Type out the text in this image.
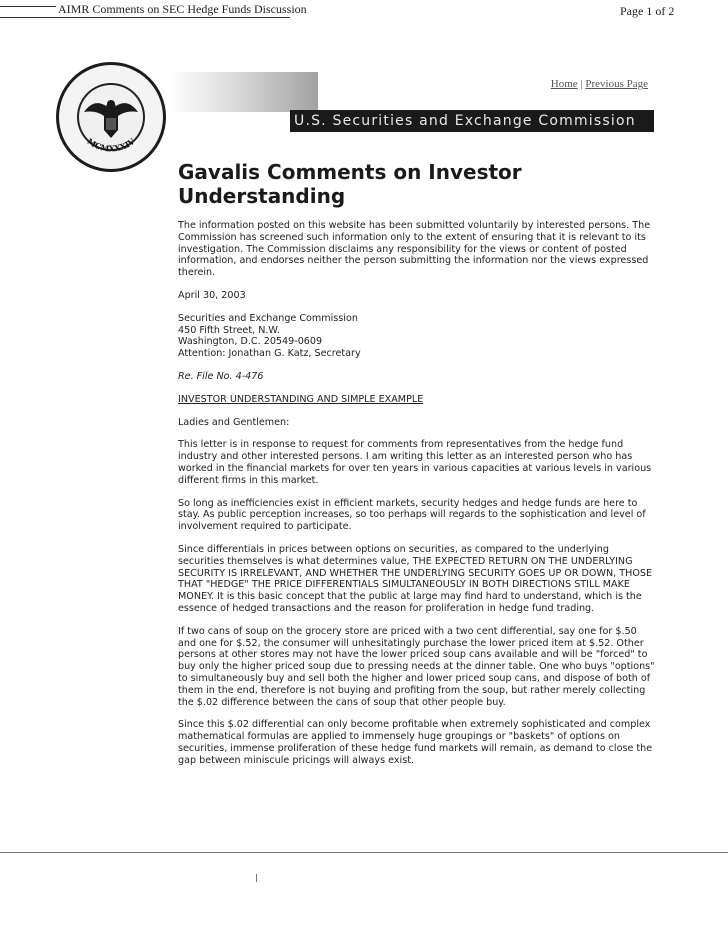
AIMR Comments on SEC Hedge Funds Discussion	Page 1 of 2
MCMXXXIV
U.S. Securities and Exchange Commission
Home | Previous Page
Gavalis Comments on Investor Understanding

The information posted on this website has been submitted voluntarily by interested persons. The Commission has screened such information only to the extent of ensuring that it is relevant to its investigation. The Commission disclaims any responsibility for the views or content of posted information, and endorses neither the person submitting the information nor the views expressed therein.

April 30, 2003

Securities and Exchange Commission
450 Fifth Street, N.W.
Washington, D.C. 20549-0609
Attention: Jonathan G. Katz, Secretary

Re. File No. 4-476

INVESTOR UNDERSTANDING AND SIMPLE EXAMPLE

Ladies and Gentlemen:

This letter is in response to request for comments from representatives from the hedge fund industry and other interested persons. I am writing this letter as an interested person who has worked in the financial markets for over ten years in various capacities at various levels in various different firms in this market.

So long as inefficiencies exist in efficient markets, security hedges and hedge funds are here to stay. As public perception increases, so too perhaps will regards to the sophistication and level of involvement required to participate.

Since differentials in prices between options on securities, as compared to the underlying securities themselves is what determines value, THE EXPECTED RETURN ON THE UNDERLYING SECURITY IS IRRELEVANT, AND WHETHER THE UNDERLYING SECURITY GOES UP OR DOWN, THOSE THAT "HEDGE" THE PRICE DIFFERENTIALS SIMULTANEOUSLY IN BOTH DIRECTIONS STILL MAKE MONEY. It is this basic concept that the public at large may find hard to understand, which is the essence of hedged transactions and the reason for proliferation in hedge fund trading.

If two cans of soup on the grocery store are priced with a two cent differential, say one for $.50 and one for $.52, the consumer will unhesitatingly purchase the lower priced item at $.52. Other persons at other stores may not have the lower priced soup cans available and will be "forced" to buy only the higher priced soup due to pressing needs at the dinner table. One who buys "options" to simultaneously buy and sell both the higher and lower priced soup cans, and dispose of both of them in the end, therefore is not buying and profiting from the soup, but rather merely collecting the $.02 difference between the cans of soup that other people buy.

Since this $.02 differential can only become profitable when extremely sophisticated and complex mathematical formulas are applied to immensely huge groupings or "baskets" of options on securities, immense proliferation of these hedge fund markets will remain, as demand to close the gap between miniscule pricings will always exist.
